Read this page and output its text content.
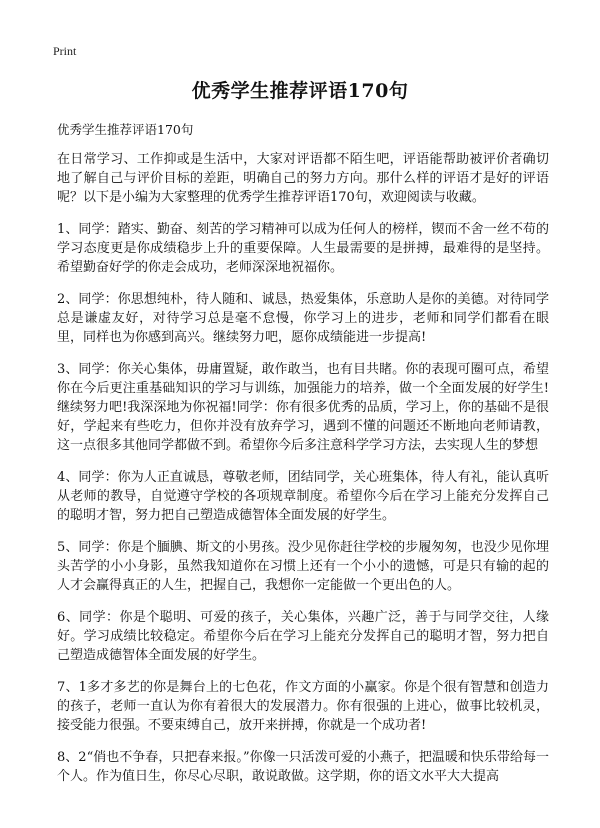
Print
优秀学生推荐评语170句
优秀学生推荐评语170句

在日常学习、工作抑或是生活中，大家对评语都不陌生吧，评语能帮助被评价者确切地了解自己与评价目标的差距，明确自己的努力方向。那什么样的评语才是好的评语呢？以下是小编为大家整理的优秀学生推荐评语170句，欢迎阅读与收藏。

1、同学：踏实、勤奋、刻苦的学习精神可以成为任何人的榜样，锲而不舍一丝不苟的学习态度更是你成绩稳步上升的重要保障。人生最需要的是拼搏，最难得的是坚持。希望勤奋好学的你走会成功，老师深深地祝福你。

2、同学：你思想纯朴，待人随和、诚恳，热爱集体，乐意助人是你的美德。对待同学总是谦虚友好，对待学习总是毫不怠慢，你学习上的进步，老师和同学们都看在眼里，同样也为你感到高兴。继续努力吧，愿你成绩能进一步提高!

3、同学：你关心集体，毋庸置疑，敢作敢当，也有目共睹。你的表现可圈可点，希望你在今后更注重基础知识的学习与训练，加强能力的培养，做一个全面发展的好学生!继续努力吧!我深深地为你祝福!同学：你有很多优秀的品质，学习上，你的基础不是很好，学起来有些吃力，但你并没有放弃学习，遇到不懂的问题还不断地向老师请教，这一点很多其他同学都做不到。希望你今后多注意科学学习方法，去实现人生的梦想

4、同学：你为人正直诚恳，尊敬老师，团结同学，关心班集体，待人有礼，能认真听从老师的教导，自觉遵守学校的各项规章制度。希望你今后在学习上能充分发挥自己的聪明才智，努力把自己塑造成德智体全面发展的好学生。

5、同学：你是个腼腆、斯文的小男孩。没少见你赶往学校的步履匆匆，也没少见你埋头苦学的小小身影，虽然我知道你在习惯上还有一个小小的遗憾，可是只有输的起的人才会赢得真正的人生，把握自己，我想你一定能做一个更出色的人。

6、同学：你是个聪明、可爱的孩子，关心集体，兴趣广泛，善于与同学交往，人缘好。学习成绩比较稳定。希望你今后在学习上能充分发挥自己的聪明才智，努力把自己塑造成德智体全面发展的好学生。

7、1多才多艺的你是舞台上的七色花，作文方面的小赢家。你是个很有智慧和创造力的孩子，老师一直认为你有着很大的发展潜力。你有很强的上进心，做事比较机灵，接受能力很强。不要束缚自己，放开来拼搏，你就是一个成功者!

8、2“俏也不争春，只把春来报。”你像一只活泼可爱的小燕子，把温暖和快乐带给每一个人。作为值日生，你尽心尽职，敢说敢做。这学期，你的语文水平大大提高
